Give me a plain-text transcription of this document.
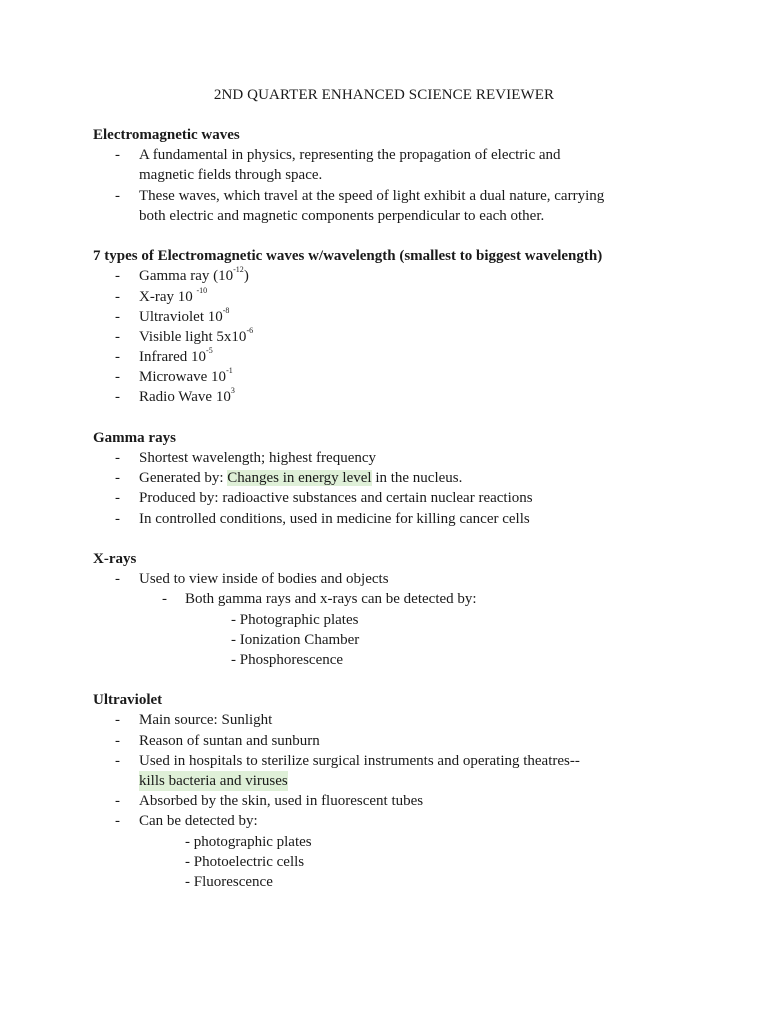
2ND QUARTER ENHANCED SCIENCE REVIEWER
Electromagnetic waves
- A fundamental in physics, representing the propagation of electric and
magnetic fields through space.
- These waves, which travel at the speed of light exhibit a dual nature, carrying
both electric and magnetic components perpendicular to each other.
7 types of Electromagnetic waves w/wavelength (smallest to biggest wavelength)
- Gamma ray $(10^{-12})$
- X-ray 10 $^{-10}$
- Ultraviolet $10^{-8}$
- Visible light $5x10^{-6}$
- Infrared $10^{-5}$
- Microwave $10^{-1}$
- Radio Wave $10^3$
Gamma rays
- Shortest wavelength; highest frequency
- Generated by: Changes in energy level in the nucleus.
- Produced by: radioactive substances and certain nuclear reactions
- In controlled conditions, used in medicine for killing cancer cells
X-rays
- Used to view inside of bodies and objects
- Both gamma rays and x-rays can be detected by:
- Photographic plates
- Ionization Chamber
- Phosphorescence
Ultraviolet
- Main source: Sunlight
- Reason of suntan and sunburn
- Used in hospitals to sterilize surgical instruments and operating theatres--
kills bacteria and viruses
- Absorbed by the skin, used in fluorescent tubes
- Can be detected by:
- photographic plates
- Photoelectric cells
- Fluorescence
